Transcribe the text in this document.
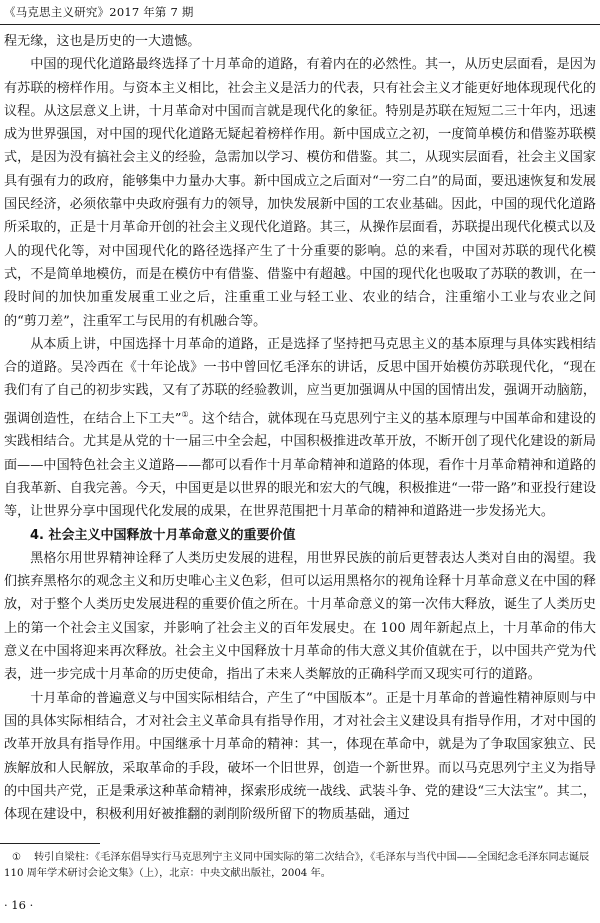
《马克思主义研究》2017 年第 7 期

程无缘，这也是历史的一大遗憾。

中国的现代化道路最终选择了十月革命的道路，有着内在的必然性。其一，从历史层面看，是因为有苏联的榜样作用。与资本主义相比，社会主义是活力的代表，只有社会主义才能更好地体现现代化的议程。从这层意义上讲，十月革命对中国而言就是现代化的象征。特别是苏联在短短二三十年内，迅速成为世界强国，对中国的现代化道路无疑起着榜样作用。新中国成立之初，一度简单模仿和借鉴苏联模式，是因为没有搞社会主义的经验，急需加以学习、模仿和借鉴。其二，从现实层面看，社会主义国家具有强有力的政府，能够集中力量办大事。新中国成立之后面对“一穷二白”的局面，要迅速恢复和发展国民经济，必须依靠中央政府强有力的领导，加快发展新中国的工农业基础。因此，中国的现代化道路所采取的，正是十月革命开创的社会主义现代化道路。其三，从操作层面看，苏联提出现代化模式以及人的现代化等，对中国现代化的路径选择产生了十分重要的影响。总的来看，中国对苏联的现代化模式，不是简单地模仿，而是在模仿中有借鉴、借鉴中有超越。中国的现代化也吸取了苏联的教训，在一段时间的加快加重发展重工业之后，注重重工业与轻工业、农业的结合，注重缩小工业与农业之间的“剪刀差”，注重军工与民用的有机融合等。

从本质上讲，中国选择十月革命的道路，正是选择了坚持把马克思主义的基本原理与具体实践相结合的道路。吴冷西在《十年论战》一书中曾回忆毛泽东的讲话，反思中国开始模仿苏联现代化，“现在我们有了自己的初步实践，又有了苏联的经验教训，应当更加强调从中国的国情出发，强调开动脑筋，强调创造性，在结合上下工夫”①。这个结合，就体现在马克思列宁主义的基本原理与中国革命和建设的实践相结合。尤其是从党的十一届三中全会起，中国积极推进改革开放，不断开创了现代化建设的新局面——中国特色社会主义道路——都可以看作十月革命精神和道路的体现，看作十月革命精神和道路的自我革新、自我完善。今天，中国更是以世界的眼光和宏大的气魄，积极推进“一带一路”和亚投行建设等，让世界分享中国现代化发展的成果，在世界范围把十月革命的精神和道路进一步发扬光大。

4. 社会主义中国释放十月革命意义的重要价值

黑格尔用世界精神诠释了人类历史发展的进程，用世界民族的前后更替表达人类对自由的渴望。我们摈弃黑格尔的观念主义和历史唯心主义色彩，但可以运用黑格尔的视角诠释十月革命意义在中国的释放，对于整个人类历史发展进程的重要价值之所在。十月革命意义的第一次伟大释放，诞生了人类历史上的第一个社会主义国家，并影响了社会主义的百年发展史。在 100 周年新起点上，十月革命的伟大意义在中国将迎来再次释放。社会主义中国释放十月革命的伟大意义其价值就在于，以中国共产党为代表，进一步完成十月革命的历史使命，指出了未来人类解放的正确科学而又现实可行的道路。

十月革命的普遍意义与中国实际相结合，产生了“中国版本”。正是十月革命的普遍性精神原则与中国的具体实际相结合，才对社会主义革命具有指导作用，才对社会主义建设具有指导作用，才对中国的改革开放具有指导作用。中国继承十月革命的精神：其一，体现在革命中，就是为了争取国家独立、民族解放和人民解放，采取革命的手段，破坏一个旧世界，创造一个新世界。而以马克思列宁主义为指导的中国共产党，正是秉承这种革命精神，探索形成统一战线、武装斗争、党的建设“三大法宝”。其二，体现在建设中，积极利用好被推翻的剥削阶级所留下的物质基础，通过

① 转引自梁柱：《毛泽东倡导实行马克思列宁主义同中国实际的第二次结合》，《毛泽东与当代中国——全国纪念毛泽东同志诞辰 110 周年学术研讨会论文集》（上），北京：中央文献出版社，2004 年。
· 16 ·
